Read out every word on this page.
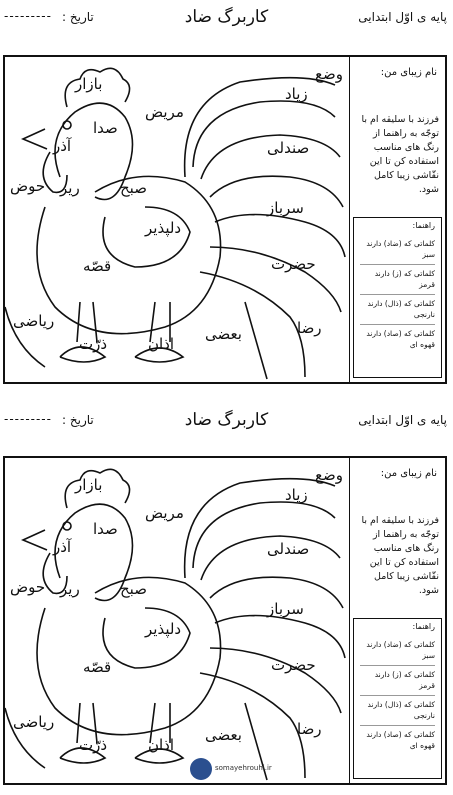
پایه ی اوّل ابتدایی
کاربرگ ضاد
تاریخ :
---------
بازار
مریض
صدا
آذر
حوض ریز	صبح
دلپذیر
قصّه
ریاضی
ذرّت	اذان
بعضی	رضا
حضرت
سرباز
صندلی
زیاد
وضع	نام زیبای من:
فرزند با سلیقه ام با توجّه به راهنما از رنگ های مناسب استفاده کن تا این نقّاشی زیبا کامل شود.
راهنما:
کلماتی که (ضاد) دارند
سبز
کلماتی که (ز) دارند
قرمز
کلماتی که (ذال) دارند
نارنجی
کلماتی که (صاد) دارند
قهوه ای
پایه ی اوّل ابتدایی
کاربرگ ضاد
تاریخ :
---------
بازار
مریض
صدا
آذر
حوض ریز	صبح
دلپذیر
قصّه
ریاضی
ذرّت	اذان
بعضی	رضا
حضرت
سرباز
صندلی
زیاد
وضع	نام زیبای من:
فرزند با سلیقه ام با توجّه به راهنما از رنگ های مناسب استفاده کن تا این نقّاشی زیبا کامل شود.
راهنما:
کلماتی که (ضاد) دارند
سبز
کلماتی که (ز) دارند
قرمز
کلماتی که (ذال) دارند
نارنجی
کلماتی که (صاد) دارند
قهوه ای
somayehrouhi.ir
